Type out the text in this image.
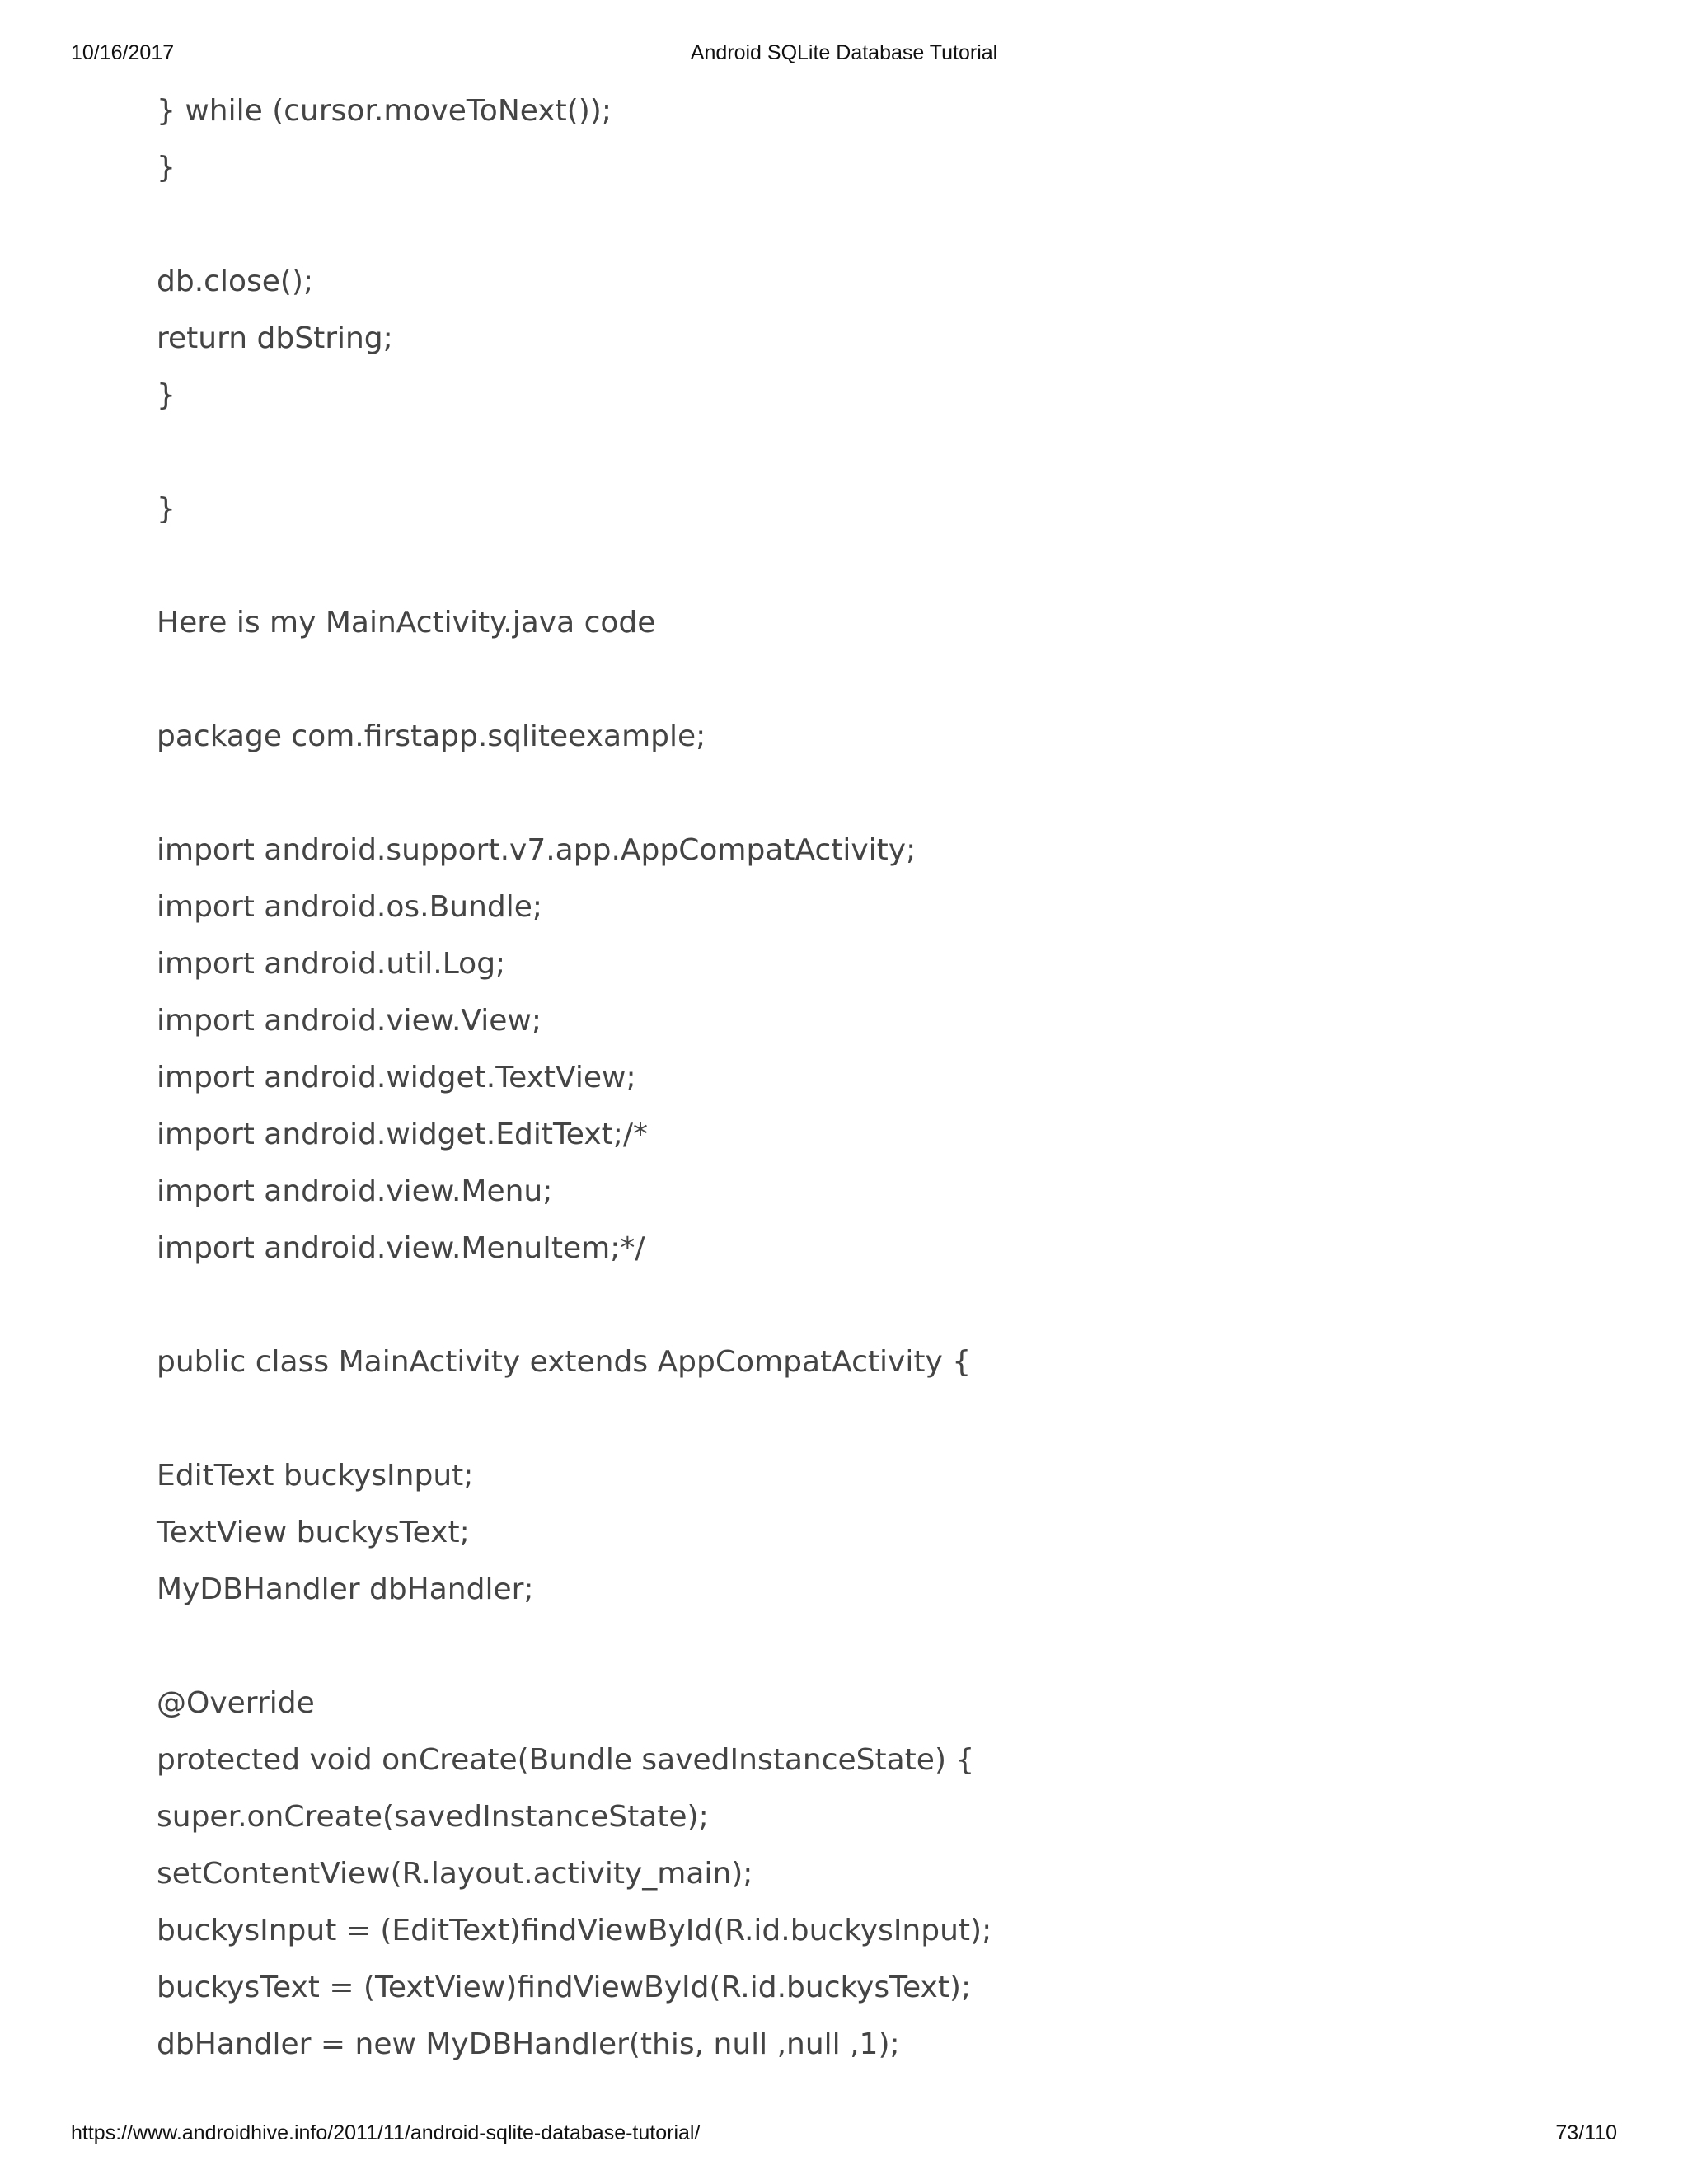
Android SQLite Database Tutorial
10/16/2017
} while (cursor.moveToNext());
}
db.close();
return dbString;
}
}
Here is my MainActivity.java code
package com.firstapp.sqliteexample;
import android.support.v7.app.AppCompatActivity;
import android.os.Bundle;
import android.util.Log;
import android.view.View;
import android.widget.TextView;
import android.widget.EditText;/*
import android.view.Menu;
import android.view.MenuItem;*/
public class MainActivity extends AppCompatActivity {
EditText buckysInput;
TextView buckysText;
MyDBHandler dbHandler;
@Override
protected void onCreate(Bundle savedInstanceState) {
super.onCreate(savedInstanceState);
setContentView(R.layout.activity_main);
buckysInput = (EditText)findViewById(R.id.buckysInput);
buckysText = (TextView)findViewById(R.id.buckysText);
dbHandler = new MyDBHandler(this, null ,null ,1);
https://www.androidhive.info/2011/11/android-sqlite-database-tutorial/	73/110
